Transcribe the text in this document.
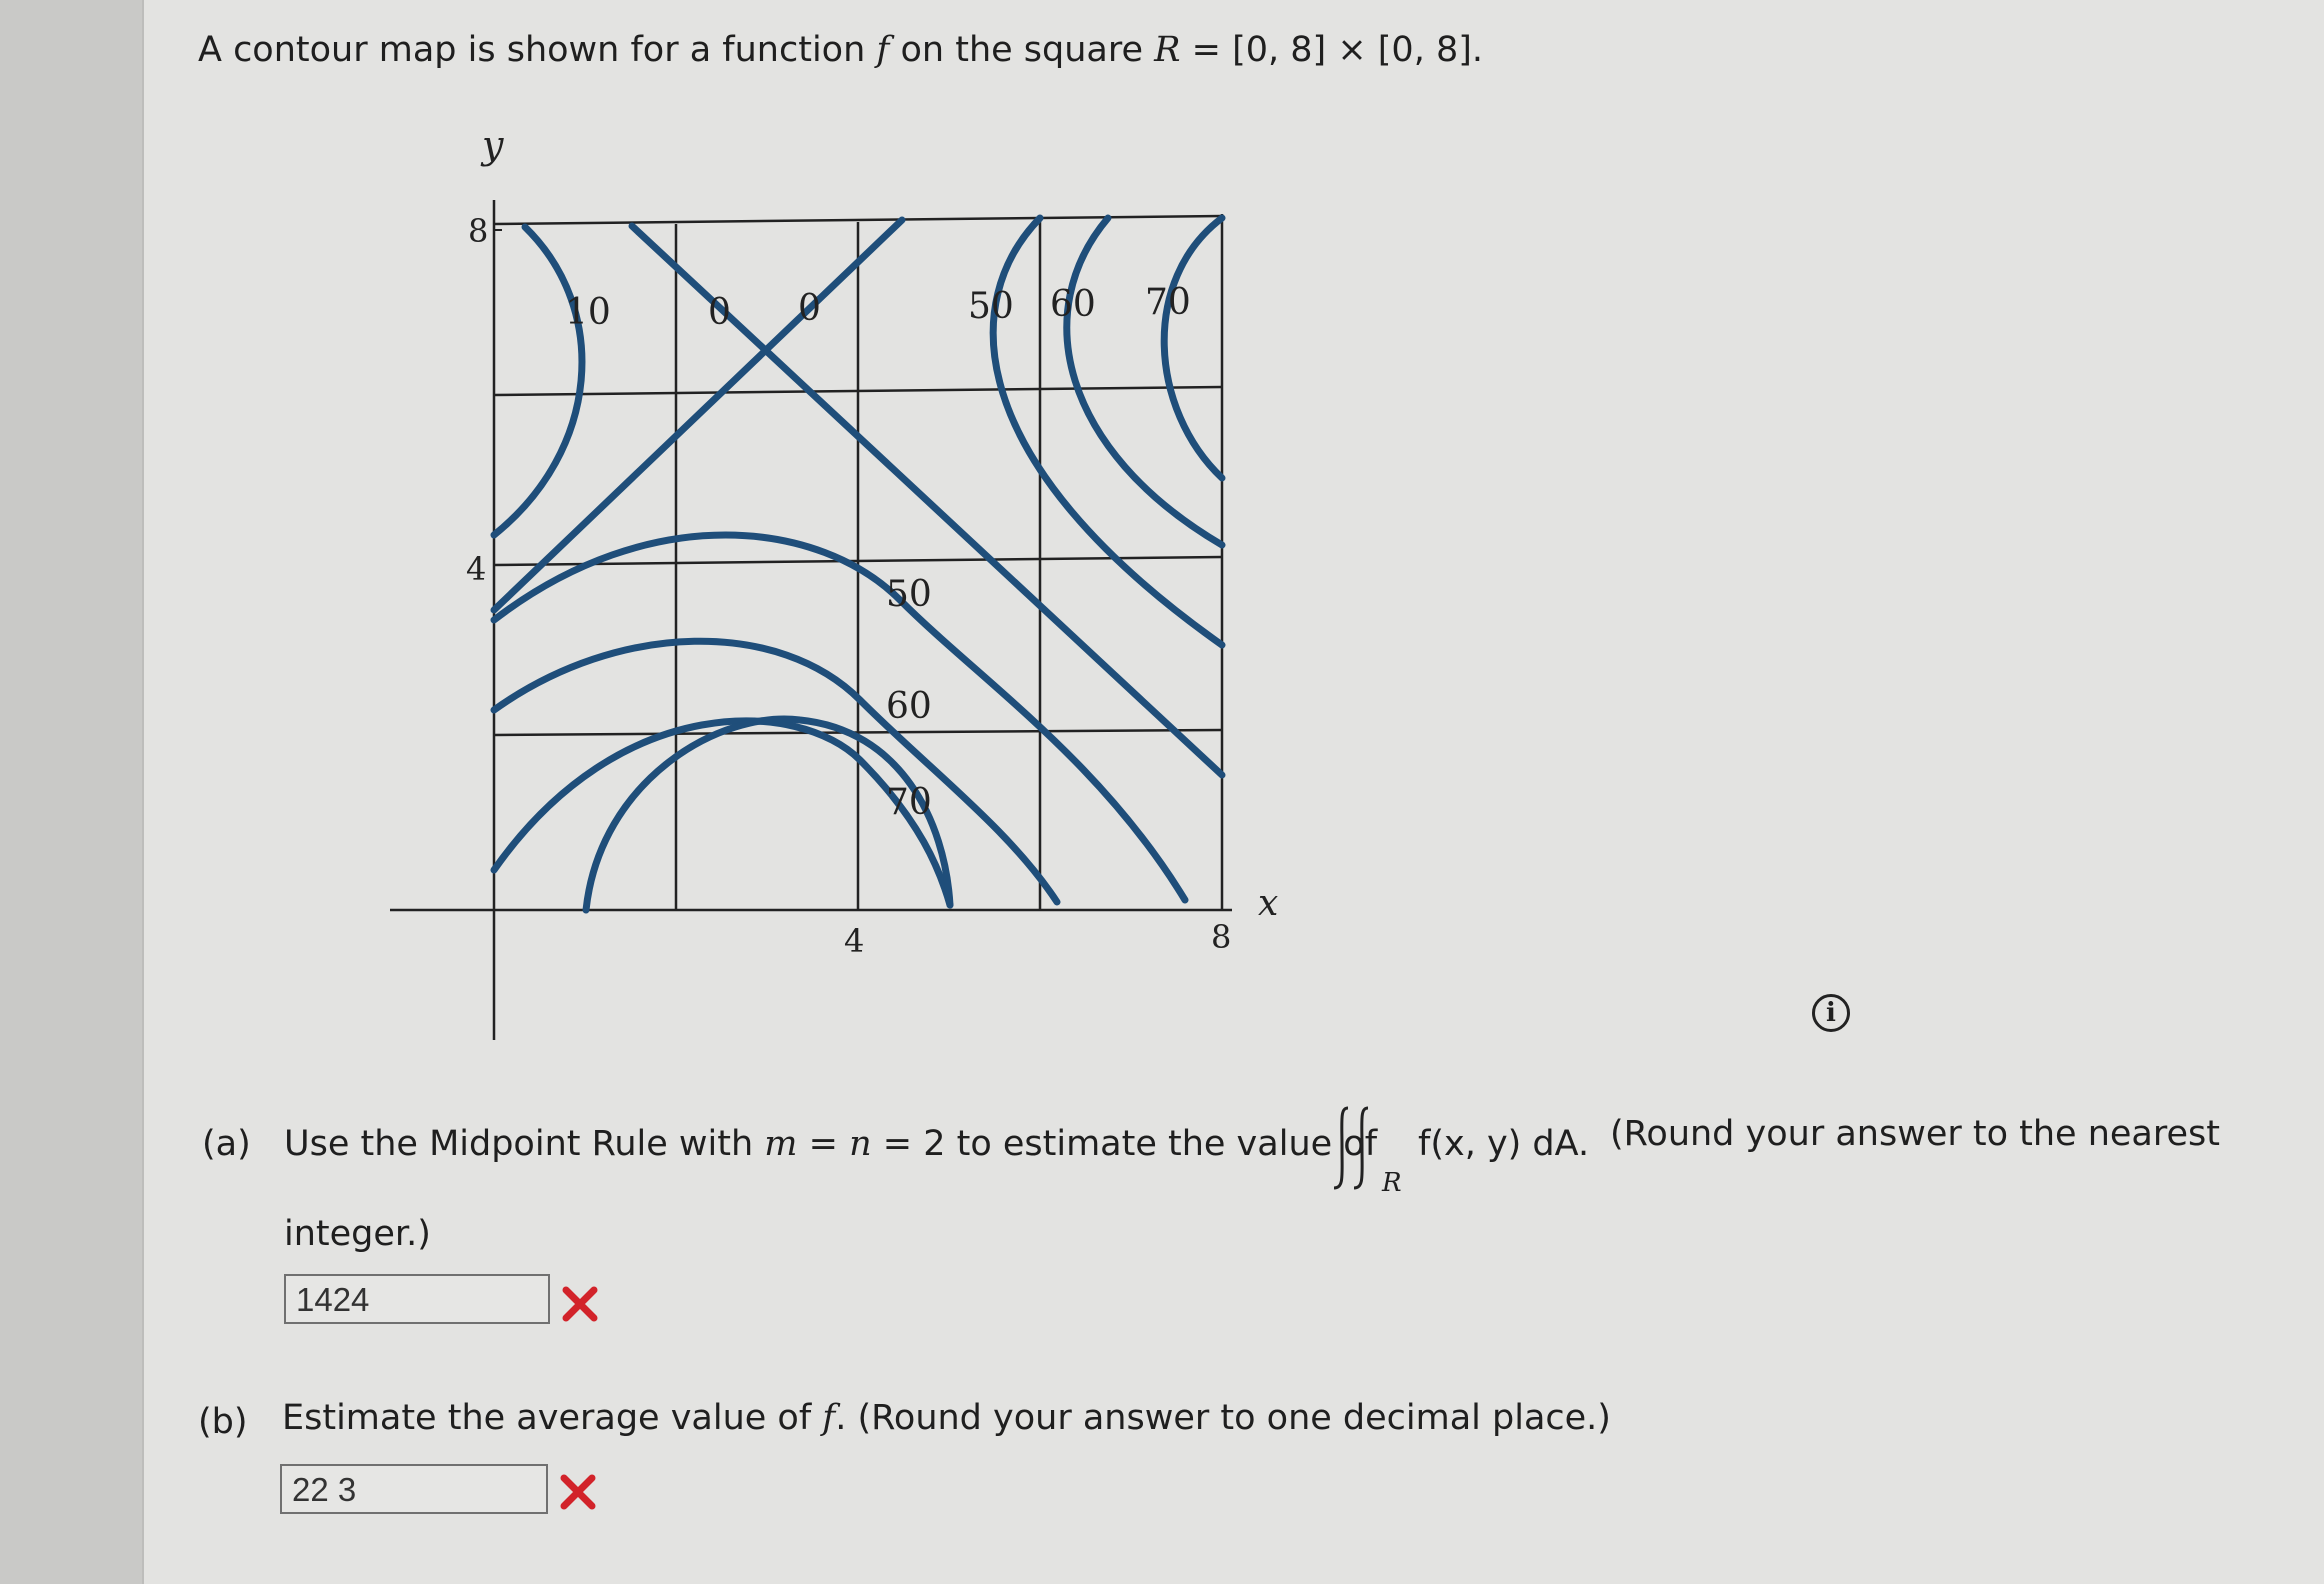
A contour map is shown for a function f on the square R = [0, 8] × [0, 8].
y
x
8
4
4	8
10	0 0	50 60 70
50
60
70
i
(a) Use the Midpoint Rule with m = n = 2 to estimate the value of
R
f(x, y) dA. (Round your answer to the nearest
integer.)
1424
(b) Estimate the average value of f. (Round your answer to one decimal place.)
22 3
